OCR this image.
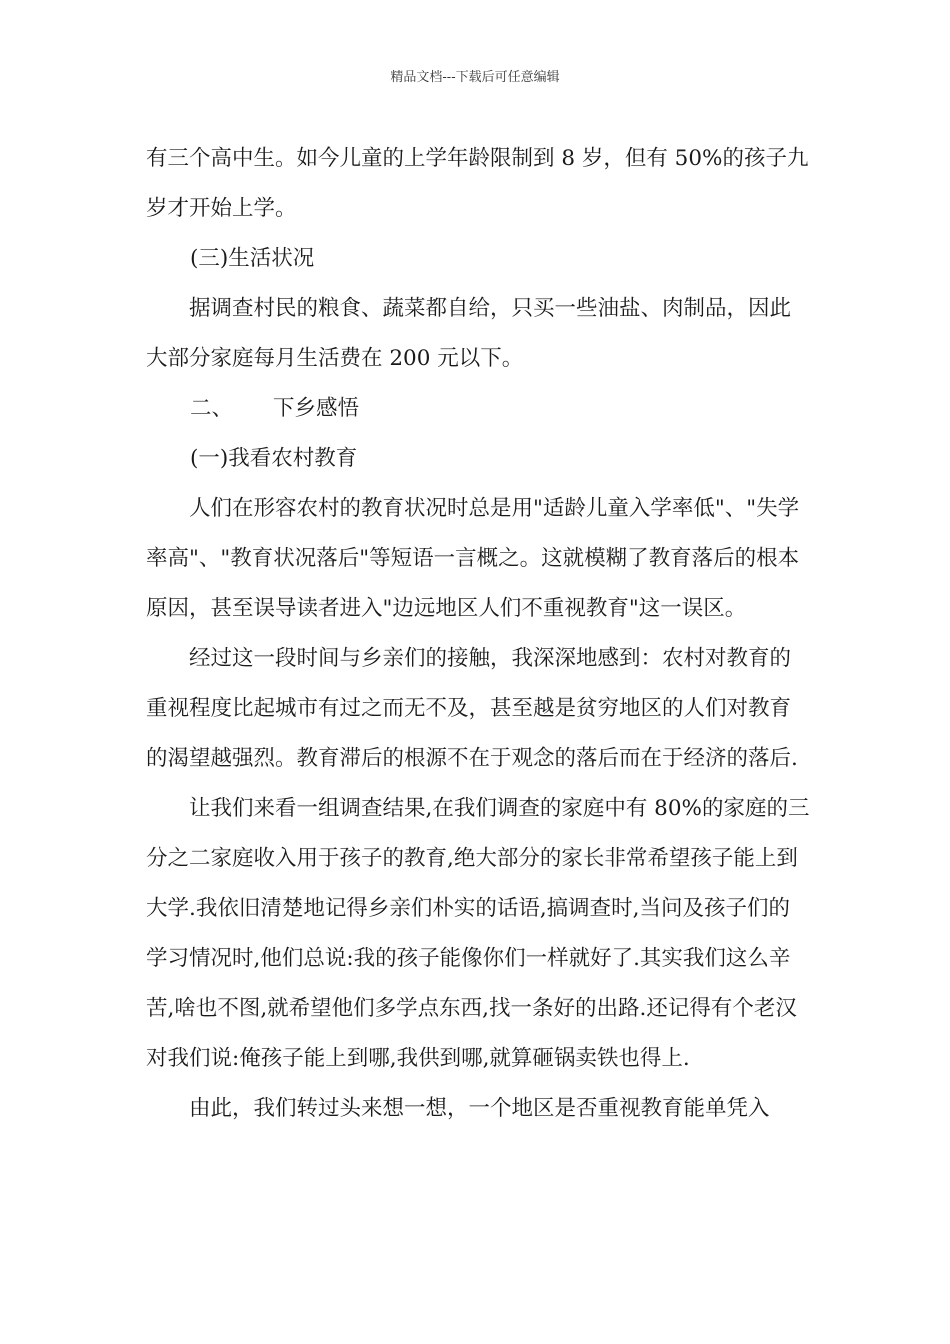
精品文档---下载后可任意编辑

有三个高中生。如今儿童的上学年龄限制到 8 岁，但有 50%的孩子九岁才开始上学。

(三)生活状况

据调查村民的粮食、蔬菜都自给，只买一些油盐、肉制品，因此大部分家庭每月生活费在 200 元以下。

二、 下乡感悟

(一)我看农村教育

人们在形容农村的教育状况时总是用"适龄儿童入学率低"、"失学率高"、"教育状况落后"等短语一言概之。这就模糊了教育落后的根本原因，甚至误导读者进入"边远地区人们不重视教育"这一误区。

经过这一段时间与乡亲们的接触，我深深地感到：农村对教育的重视程度比起城市有过之而无不及，甚至越是贫穷地区的人们对教育的渴望越强烈。教育滞后的根源不在于观念的落后而在于经济的落后.

让我们来看一组调查结果,在我们调查的家庭中有 80%的家庭的三分之二家庭收入用于孩子的教育,绝大部分的家长非常希望孩子能上到大学.我依旧清楚地记得乡亲们朴实的话语,搞调查时,当问及孩子们的学习情况时,他们总说:我的孩子能像你们一样就好了.其实我们这么辛苦,啥也不图,就希望他们多学点东西,找一条好的出路.还记得有个老汉对我们说:俺孩子能上到哪,我供到哪,就算砸锅卖铁也得上.

由此，我们转过头来想一想，一个地区是否重视教育能单凭入
